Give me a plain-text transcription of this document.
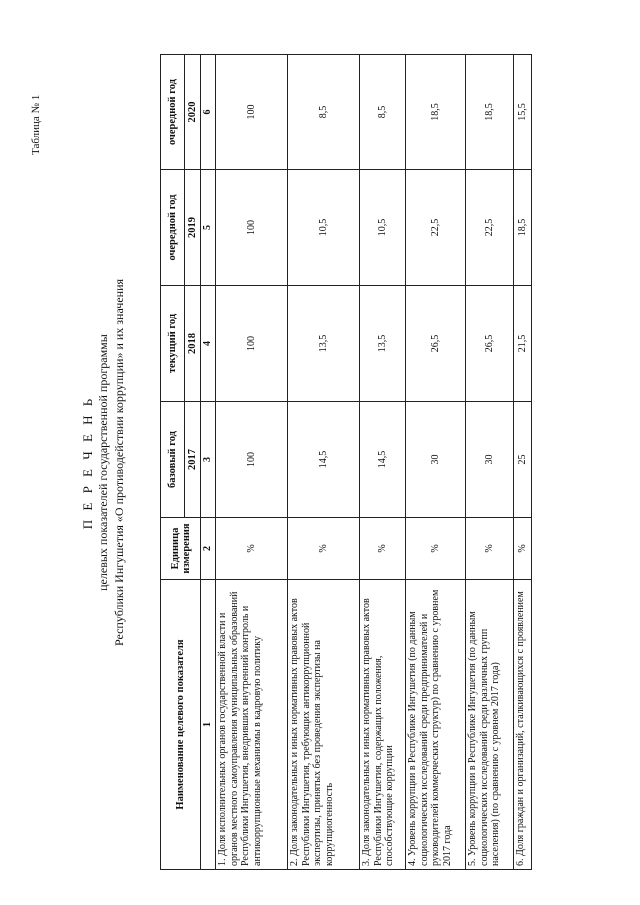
Таблица № 1
П Е Р Е Ч Е Н Ь целевых показателей государственной программы Республики Ингушетия «О противодействии коррупции» и их значения
Наименование целевого показателя	Единица измерения	базовый год	текущий год	очередной год	очередной год
		2017	2018	2019	2020
1	2	3	4	5	6
1. Доля исполнительных органов государственной власти и органов местного самоуправления муниципальных образований Республики Ингушетия, внедривших внутренний контроль и антикоррупционные механизмы в кадровую политику	%	100	100	100	100
2. Доля законодательных и иных нормативных правовых актов Республики Ингушетия, требующих антикоррупционной экспертизы, принятых без проведения экспертизы на коррупциогенность	%	14,5	13,5	10,5	8,5
3. Доля законодательных и иных нормативных правовых актов Республики Ингушетия, содержащих положения, способствующие коррупции	%	14,5	13,5	10,5	8,5
4. Уровень коррупции в Республике Ингушетия (по данным социологических исследований среди предпринимателей и руководителей коммерческих структур) по сравнению с уровнем 2017 года	%	30	26,5	22,5	18,5
5. Уровень коррупции в Республике Ингушетия (по данным социологических исследований среди различных групп населения) (по сравнению с уровнем 2017 года)	%	30	26,5	22,5	18,5
6. Доля граждан и организаций, сталкивающихся с проявлением	%	25	21,5	18,5	15,5
